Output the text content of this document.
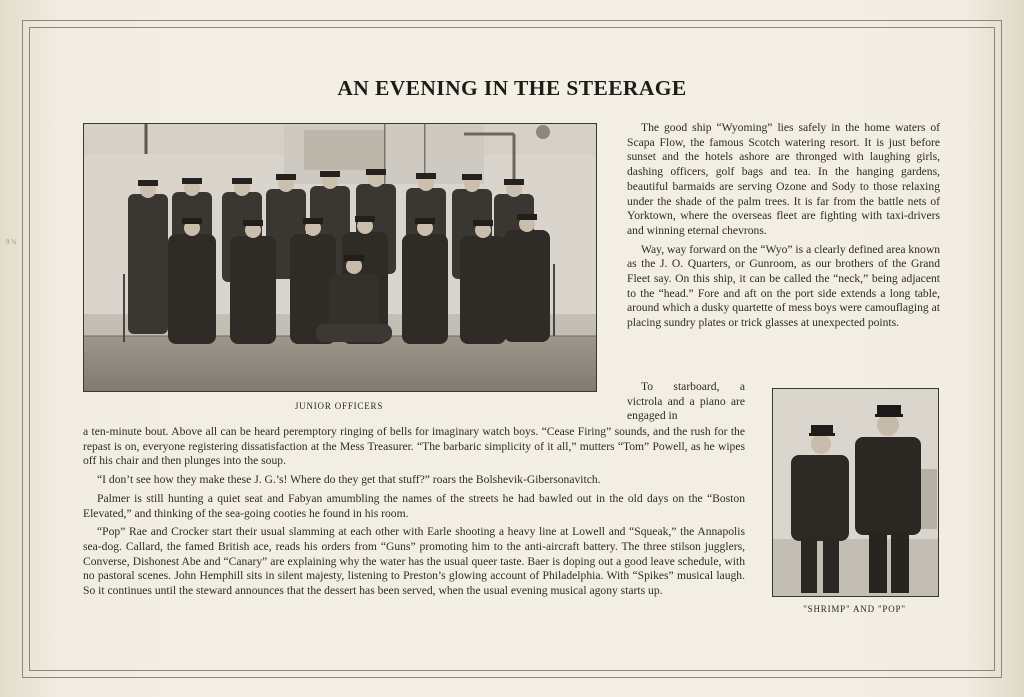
9 ¼
AN EVENING IN THE STEERAGE
JUNIOR OFFICERS

The good ship “Wyoming” lies safely in the home waters of Scapa Flow, the famous Scotch watering resort. It is just before sunset and the hotels ashore are thronged with laughing girls, dashing officers, golf bags and tea. In the hanging gardens, beautiful barmaids are serving Ozone and Sody to those relaxing under the shade of the palm trees. It is far from the battle nets of Yorktown, where the overseas fleet are fighting with taxi-drivers and winning eternal chevrons.

Way, way forward on the “Wyo” is a clearly defined area known as the J. O. Quarters, or Gunroom, as our brothers of the Grand Fleet say. On this ship, it can be called the “neck,” being adjacent to the “head.” Fore and aft on the port side extends a long table, around which a dusky quartette of mess boys were camouflaging at placing sundry plates or trick glasses at unexpected points.

To starboard, a victrola and a piano are engaged in

a ten-minute bout. Above all can be heard peremptory ringing of bells for imaginary watch boys. “Cease Firing” sounds, and the rush for the repast is on, everyone registering dissatisfaction at the Mess Treasurer. “The barbaric simplicity of it all,” mutters “Tom” Powell, as he wipes off his chair and then plunges into the soup.

“I don’t see how they make these J. G.’s! Where do they get that stuff?” roars the Bolshevik-Gibersonavitch.

Palmer is still hunting a quiet seat and Fabyan amumbling the names of the streets he had bawled out in the old days on the “Boston Elevated,” and thinking of the sea-going cooties he found in his room.

“Pop” Rae and Crocker start their usual slamming at each other with Earle shooting a heavy line at Lowell and “Squeak,” the Annapolis sea-dog. Callard, the famed British ace, reads his orders from “Guns” promoting him to the anti-aircraft battery. The three stilson jugglers, Converse, Dishonest Abe and “Canary” are explaining why the water has the usual queer taste. Baer is doping out a good leave schedule, with no pastoral scenes. John Hemphill sits in silent majesty, listening to Preston’s glowing account of Philadelphia. With “Spikes” musical laugh. So it continues until the steward announces that the dessert has been served, when the usual evening musical agony starts up.

"SHRIMP" AND "POP"
